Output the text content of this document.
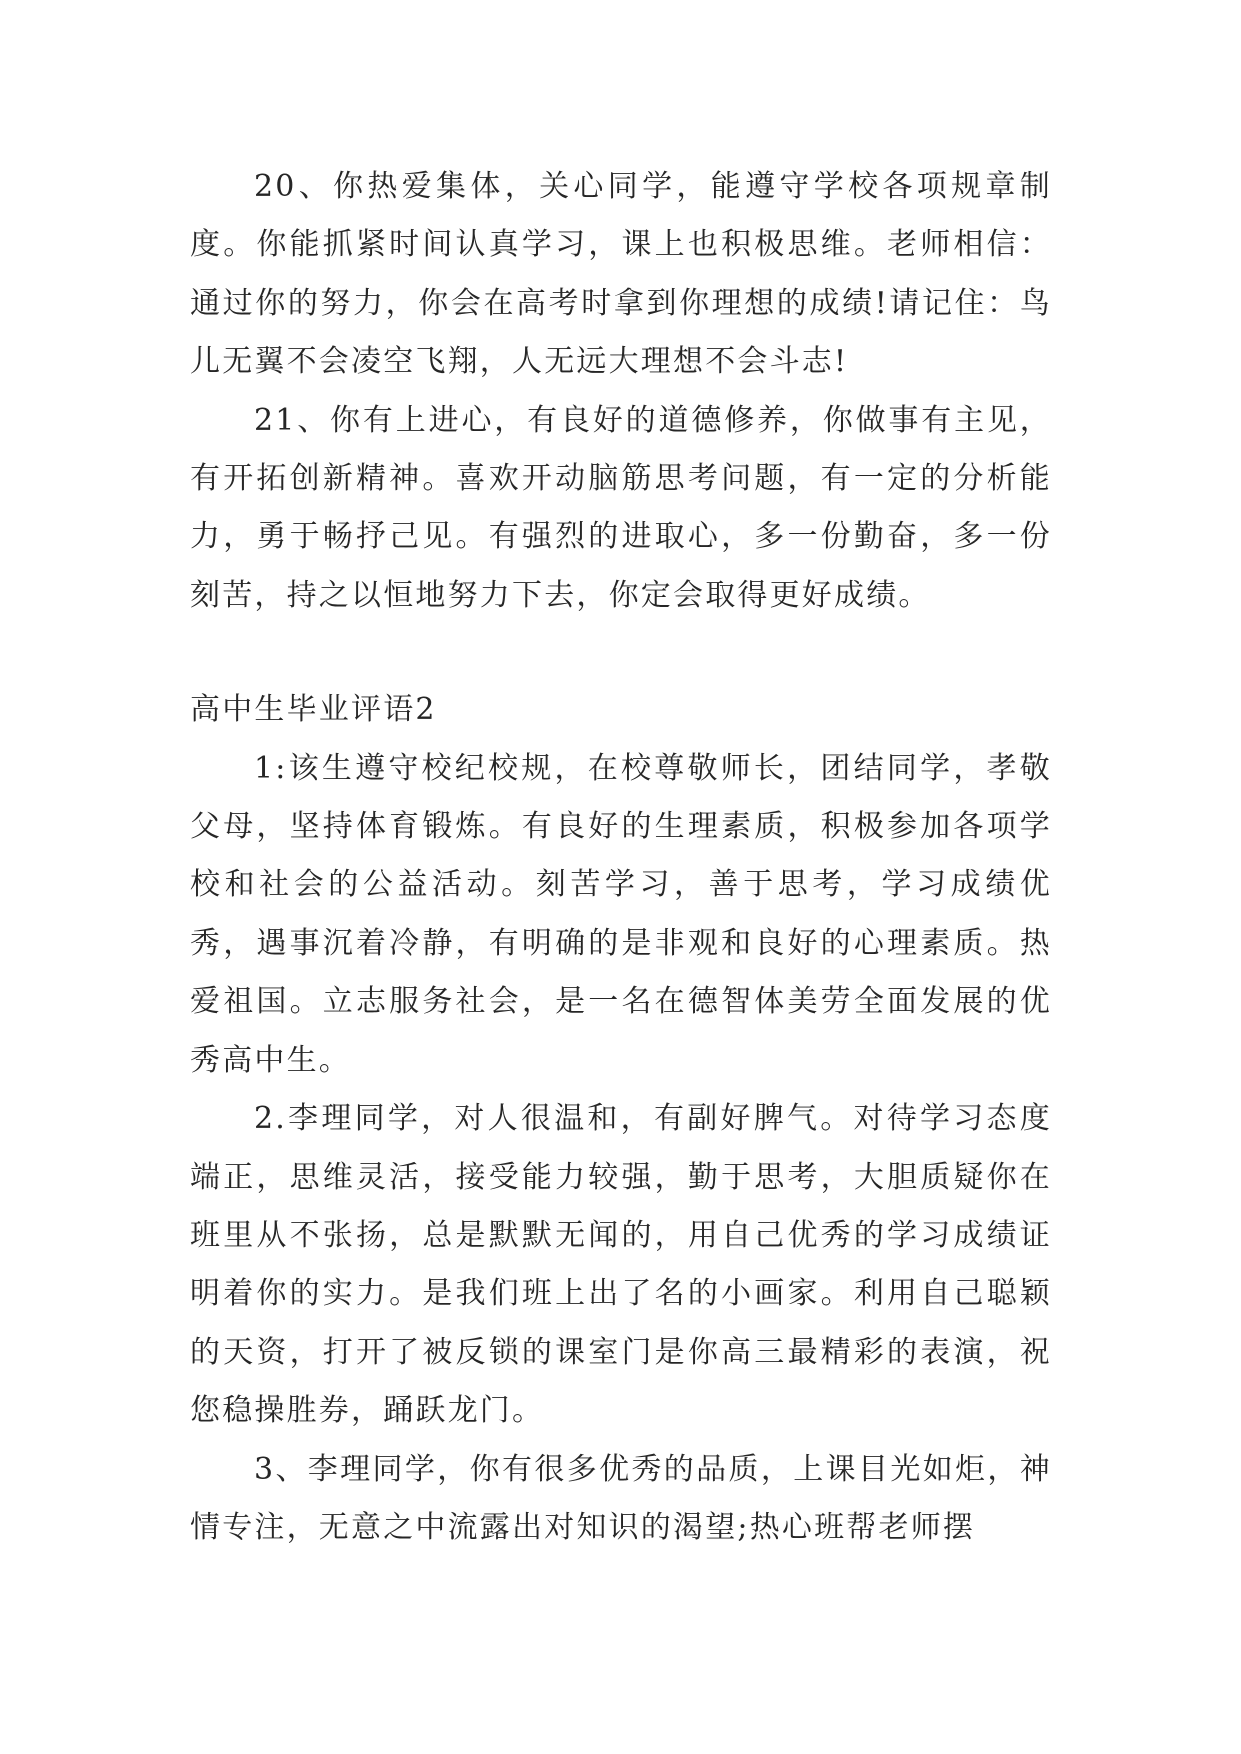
20、你热爱集体，关心同学，能遵守学校各项规章制度。你能抓紧时间认真学习，课上也积极思维。老师相信：通过你的努力，你会在高考时拿到你理想的成绩!请记住：鸟儿无翼不会凌空飞翔，人无远大理想不会斗志!

21、你有上进心，有良好的道德修养，你做事有主见，有开拓创新精神。喜欢开动脑筋思考问题，有一定的分析能力，勇于畅抒己见。有强烈的进取心，多一份勤奋，多一份刻苦，持之以恒地努力下去，你定会取得更好成绩。

高中生毕业评语2

1:该生遵守校纪校规，在校尊敬师长，团结同学，孝敬父母，坚持体育锻炼。有良好的生理素质，积极参加各项学校和社会的公益活动。刻苦学习，善于思考，学习成绩优秀，遇事沉着冷静，有明确的是非观和良好的心理素质。热爱祖国。立志服务社会，是一名在德智体美劳全面发展的优秀高中生。

2.李理同学，对人很温和，有副好脾气。对待学习态度端正，思维灵活，接受能力较强，勤于思考，大胆质疑你在班里从不张扬，总是默默无闻的，用自己优秀的学习成绩证明着你的实力。是我们班上出了名的小画家。利用自己聪颖的天资，打开了被反锁的课室门是你高三最精彩的表演，祝您稳操胜券，踊跃龙门。

3、李理同学，你有很多优秀的品质，上课目光如炬，神情专注，无意之中流露出对知识的渴望;热心班帮老师摆
